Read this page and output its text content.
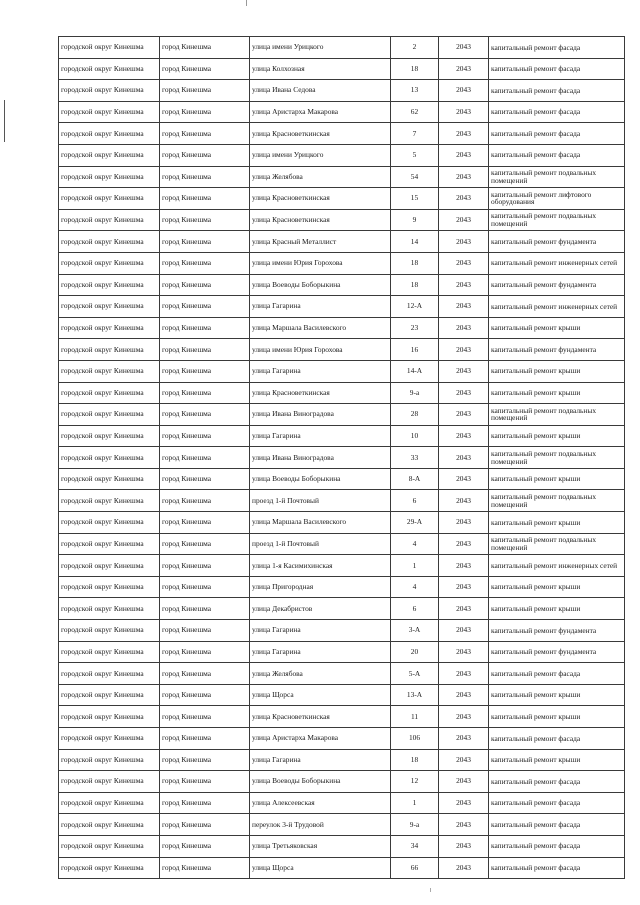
городской округ Кинешма	город Кинешма	улица имени Урицкого	2	2043	капитальный ремонт фасада

городской округ Кинешма	город Кинешма	улица Колхозная	18	2043	капитальный ремонт фасада

городской округ Кинешма	город Кинешма	улица Ивана Седова	13	2043	капитальный ремонт фасада

городской округ Кинешма	город Кинешма	улица Аристарха Макарова	62	2043	капитальный ремонт фасада

городской округ Кинешма	город Кинешма	улица Красноветкинская	7	2043	капитальный ремонт фасада

городской округ Кинешма	город Кинешма	улица имени Урицкого	5	2043	капитальный ремонт фасада

городской округ Кинешма	город Кинешма	улица Желябова	54	2043	капитальный ремонт подвальных помещений

городской округ Кинешма	город Кинешма	улица Красноветкинская	15	2043	капитальный ремонт лифтового оборудования

городской округ Кинешма	город Кинешма	улица Красноветкинская	9	2043	капитальный ремонт подвальных помещений

городской округ Кинешма	город Кинешма	улица Красный Металлист	14	2043	капитальный ремонт фундамента

городской округ Кинешма	город Кинешма	улица имени Юрия Горохова	18	2043	капитальный ремонт инженерных сетей

городской округ Кинешма	город Кинешма	улица Воеводы Боборыкина	18	2043	капитальный ремонт фундамента

городской округ Кинешма	город Кинешма	улица Гагарина	12-А	2043	капитальный ремонт инженерных сетей

городской округ Кинешма	город Кинешма	улица Маршала Василевского	23	2043	капитальный ремонт крыши

городской округ Кинешма	город Кинешма	улица имени Юрия Горохова	16	2043	капитальный ремонт фундамента

городской округ Кинешма	город Кинешма	улица Гагарина	14-А	2043	капитальный ремонт крыши

городской округ Кинешма	город Кинешма	улица Красноветкинская	9-а	2043	капитальный ремонт крыши

городской округ Кинешма	город Кинешма	улица Ивана Виноградова	28	2043	капитальный ремонт подвальных помещений

городской округ Кинешма	город Кинешма	улица Гагарина	10	2043	капитальный ремонт крыши

городской округ Кинешма	город Кинешма	улица Ивана Виноградова	33	2043	капитальный ремонт подвальных помещений

городской округ Кинешма	город Кинешма	улица Воеводы Боборыкина	8-А	2043	капитальный ремонт крыши

городской округ Кинешма	город Кинешма	проезд 1-й Почтовый	6	2043	капитальный ремонт подвальных помещений

городской округ Кинешма	город Кинешма	улица Маршала Василевского	29-А	2043	капитальный ремонт крыши

городской округ Кинешма	город Кинешма	проезд 1-й Почтовый	4	2043	капитальный ремонт подвальных помещений

городской округ Кинешма	город Кинешма	улица 1-я Касимихинская	1	2043	капитальный ремонт инженерных сетей

городской округ Кинешма	город Кинешма	улица Пригородная	4	2043	капитальный ремонт крыши

городской округ Кинешма	город Кинешма	улица Декабристов	6	2043	капитальный ремонт крыши

городской округ Кинешма	город Кинешма	улица Гагарина	3-А	2043	капитальный ремонт фундамента

городской округ Кинешма	город Кинешма	улица Гагарина	20	2043	капитальный ремонт фундамента

городской округ Кинешма	город Кинешма	улица Желябова	5-А	2043	капитальный ремонт фасада

городской округ Кинешма	город Кинешма	улица Щорса	13-А	2043	капитальный ремонт крыши

городской округ Кинешма	город Кинешма	улица Красноветкинская	11	2043	капитальный ремонт крыши

городской округ Кинешма	город Кинешма	улица Аристарха Макарова	106	2043	капитальный ремонт фасада

городской округ Кинешма	город Кинешма	улица Гагарина	18	2043	капитальный ремонт крыши

городской округ Кинешма	город Кинешма	улица Воеводы Боборыкина	12	2043	капитальный ремонт фасада

городской округ Кинешма	город Кинешма	улица Алексеевская	1	2043	капитальный ремонт фасада

городской округ Кинешма	город Кинешма	переулок 3-й Трудовой	9-а	2043	капитальный ремонт фасада

городской округ Кинешма	город Кинешма	улица Третьяковская	34	2043	капитальный ремонт фасада

городской округ Кинешма	город Кинешма	улица Щорса	66	2043	капитальный ремонт фасада
